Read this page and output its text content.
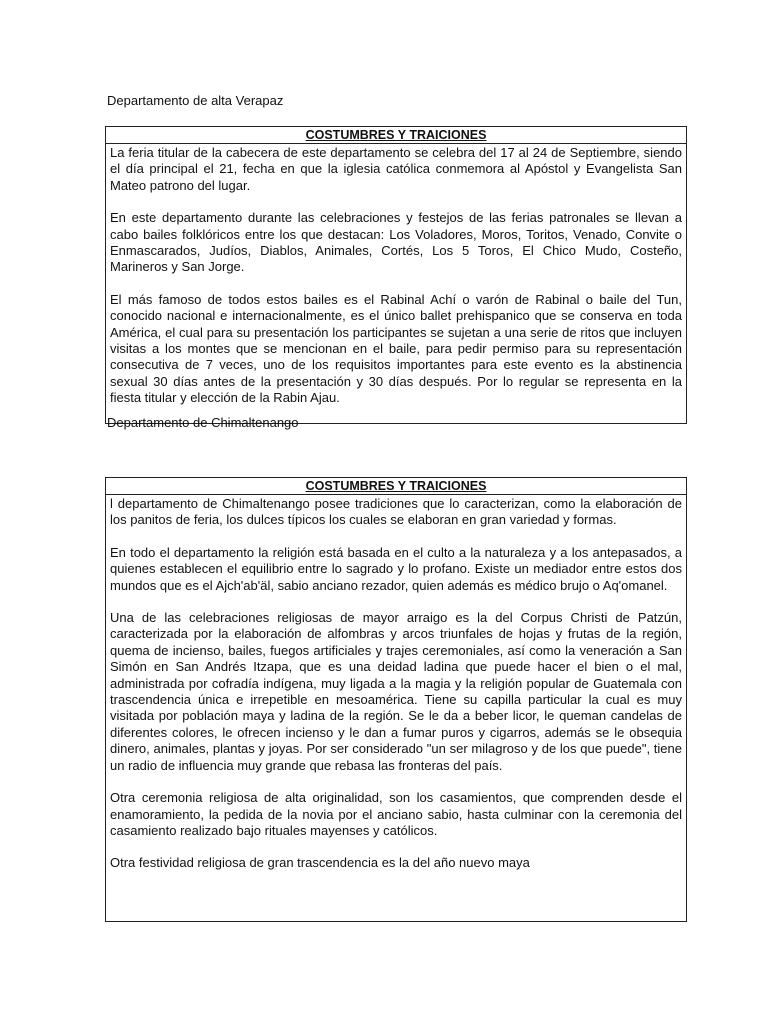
Departamento de alta Verapaz
COSTUMBRES Y TRAICIONES

La feria titular de la cabecera de este departamento se celebra del 17 al 24 de Septiembre, siendo el día principal el 21, fecha en que la iglesia católica conmemora al Apóstol y Evangelista San Mateo patrono del lugar.

En este departamento durante las celebraciones y festejos de las ferias patronales se llevan a cabo bailes folklóricos entre los que destacan: Los Voladores, Moros, Toritos, Venado, Convite o Enmascarados, Judíos, Diablos, Animales, Cortés, Los 5 Toros, El Chico Mudo, Costeño, Marineros y San Jorge.

El más famoso de todos estos bailes es el Rabinal Achí o varón de Rabinal o baile del Tun, conocido nacional e internacionalmente, es el único ballet prehispanico que se conserva en toda América, el cual para su presentación los participantes se sujetan a una serie de ritos que incluyen visitas a los montes que se mencionan en el baile, para pedir permiso para su representación consecutiva de 7 veces, uno de los requisitos importantes para este evento es la abstinencia sexual 30 días antes de la presentación y 30 días después. Por lo regular se representa en la fiesta titular y elección de la Rabin Ajau.

Departamento de Chimaltenango
COSTUMBRES Y TRAICIONES

l departamento de Chimaltenango posee tradiciones que lo caracterizan, como la elaboración de los panitos de feria, los dulces típicos los cuales se elaboran en gran variedad y formas.

En todo el departamento la religión está basada en el culto a la naturaleza y a los antepasados, a quienes establecen el equilibrio entre lo sagrado y lo profano. Existe un mediador entre estos dos mundos que es el Ajch'ab'äl, sabio anciano rezador, quien además es médico brujo o Aq'omanel.

Una de las celebraciones religiosas de mayor arraigo es la del Corpus Christi de Patzún, caracterizada por la elaboración de alfombras y arcos triunfales de hojas y frutas de la región, quema de incienso, bailes, fuegos artificiales y trajes ceremoniales, así como la veneración a San Simón en San Andrés Itzapa, que es una deidad ladina que puede hacer el bien o el mal, administrada por cofradía indígena, muy ligada a la magia y la religión popular de Guatemala con trascendencia única e irrepetible en mesoamérica. Tiene su capilla particular la cual es muy visitada por población maya y ladina de la región. Se le da a beber licor, le queman candelas de diferentes colores, le ofrecen incienso y le dan a fumar puros y cigarros, además se le obsequia dinero, animales, plantas y joyas. Por ser considerado "un ser milagroso y de los que puede", tiene un radio de influencia muy grande que rebasa las fronteras del país.

Otra ceremonia religiosa de alta originalidad, son los casamientos, que comprenden desde el enamoramiento, la pedida de la novia por el anciano sabio, hasta culminar con la ceremonia del casamiento realizado bajo rituales mayenses y católicos.

Otra festividad religiosa de gran trascendencia es la del año nuevo maya
